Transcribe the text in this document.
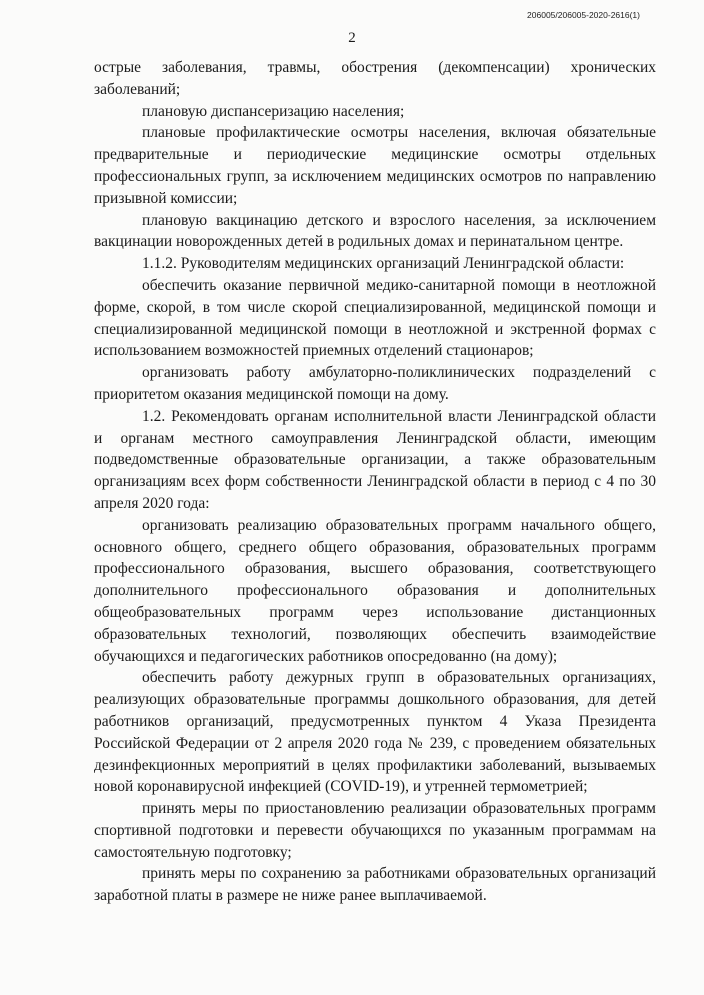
206005/206005-2020-2616(1)
2

острые заболевания, травмы, обострения (декомпенсации) хронических заболеваний;

плановую диспансеризацию населения;

плановые профилактические осмотры населения, включая обязательные предварительные и периодические медицинские осмотры отдельных профессиональных групп, за исключением медицинских осмотров по направлению призывной комиссии;

плановую вакцинацию детского и взрослого населения, за исключением вакцинации новорожденных детей в родильных домах и перинатальном центре.

1.1.2. Руководителям медицинских организаций Ленинградской области:

обеспечить оказание первичной медико-санитарной помощи в неотложной форме, скорой, в том числе скорой специализированной, медицинской помощи и специализированной медицинской помощи в неотложной и экстренной формах с использованием возможностей приемных отделений стационаров;

организовать работу амбулаторно-поликлинических подразделений с приоритетом оказания медицинской помощи на дому.

1.2. Рекомендовать органам исполнительной власти Ленинградской области и органам местного самоуправления Ленинградской области, имеющим подведомственные образовательные организации, а также образовательным организациям всех форм собственности Ленинградской области в период с 4 по 30 апреля 2020 года:

организовать реализацию образовательных программ начального общего, основного общего, среднего общего образования, образовательных программ профессионального образования, высшего образования, соответствующего дополнительного профессионального образования и дополнительных общеобразовательных программ через использование дистанционных образовательных технологий, позволяющих обеспечить взаимодействие обучающихся и педагогических работников опосредованно (на дому);

обеспечить работу дежурных групп в образовательных организациях, реализующих образовательные программы дошкольного образования, для детей работников организаций, предусмотренных пунктом 4 Указа Президента Российской Федерации от 2 апреля 2020 года № 239, с проведением обязательных дезинфекционных мероприятий в целях профилактики заболеваний, вызываемых новой коронавирусной инфекцией (COVID-19), и утренней термометрией;

принять меры по приостановлению реализации образовательных программ спортивной подготовки и перевести обучающихся по указанным программам на самостоятельную подготовку;

принять меры по сохранению за работниками образовательных организаций заработной платы в размере не ниже ранее выплачиваемой.
